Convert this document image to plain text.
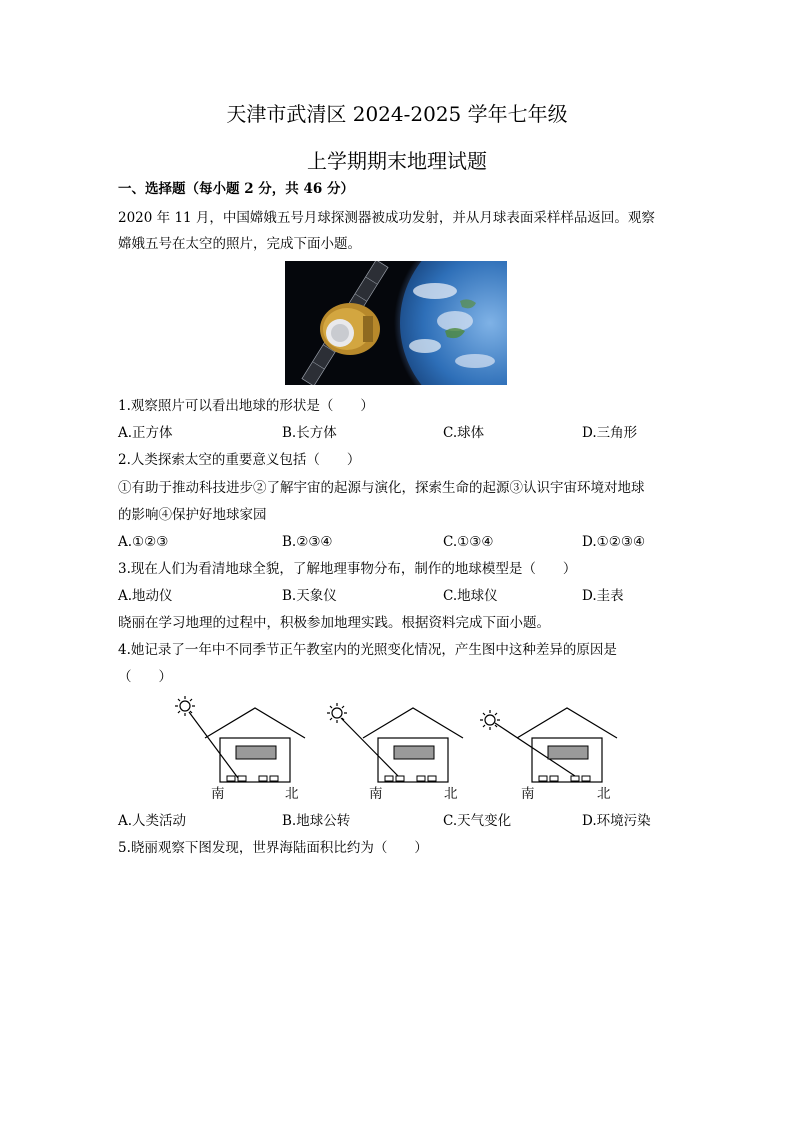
天津市武清区 2024-2025 学年七年级
上学期期末地理试题
一、选择题（每小题 2 分，共 46 分）
2020 年 11 月，中国嫦娥五号月球探测器被成功发射，并从月球表面采样样品返回。观察
嫦娥五号在太空的照片，完成下面小题。
1.观察照片可以看出地球的形状是（　　）
A.正方体	B.长方体	C.球体	D.三角形
2.人类探索太空的重要意义包括（　　）
①有助于推动科技进步②了解宇宙的起源与演化，探索生命的起源③认识宇宙环境对地球
的影响④保护好地球家园
A.①②③	B.②③④	C.①③④	D.①②③④
3.现在人们为看清地球全貌，了解地理事物分布，制作的地球模型是（　　）
A.地动仪	B.天象仪	C.地球仪	D.圭表
晓丽在学习地理的过程中，积极参加地理实践。根据资料完成下面小题。
4.她记录了一年中不同季节正午教室内的光照变化情况，产生图中这种差异的原因是
（　　）
南	北	南	北	南	北
A.人类活动	B.地球公转	C.天气变化	D.环境污染
5.晓丽观察下图发现，世界海陆面积比约为（　　）
